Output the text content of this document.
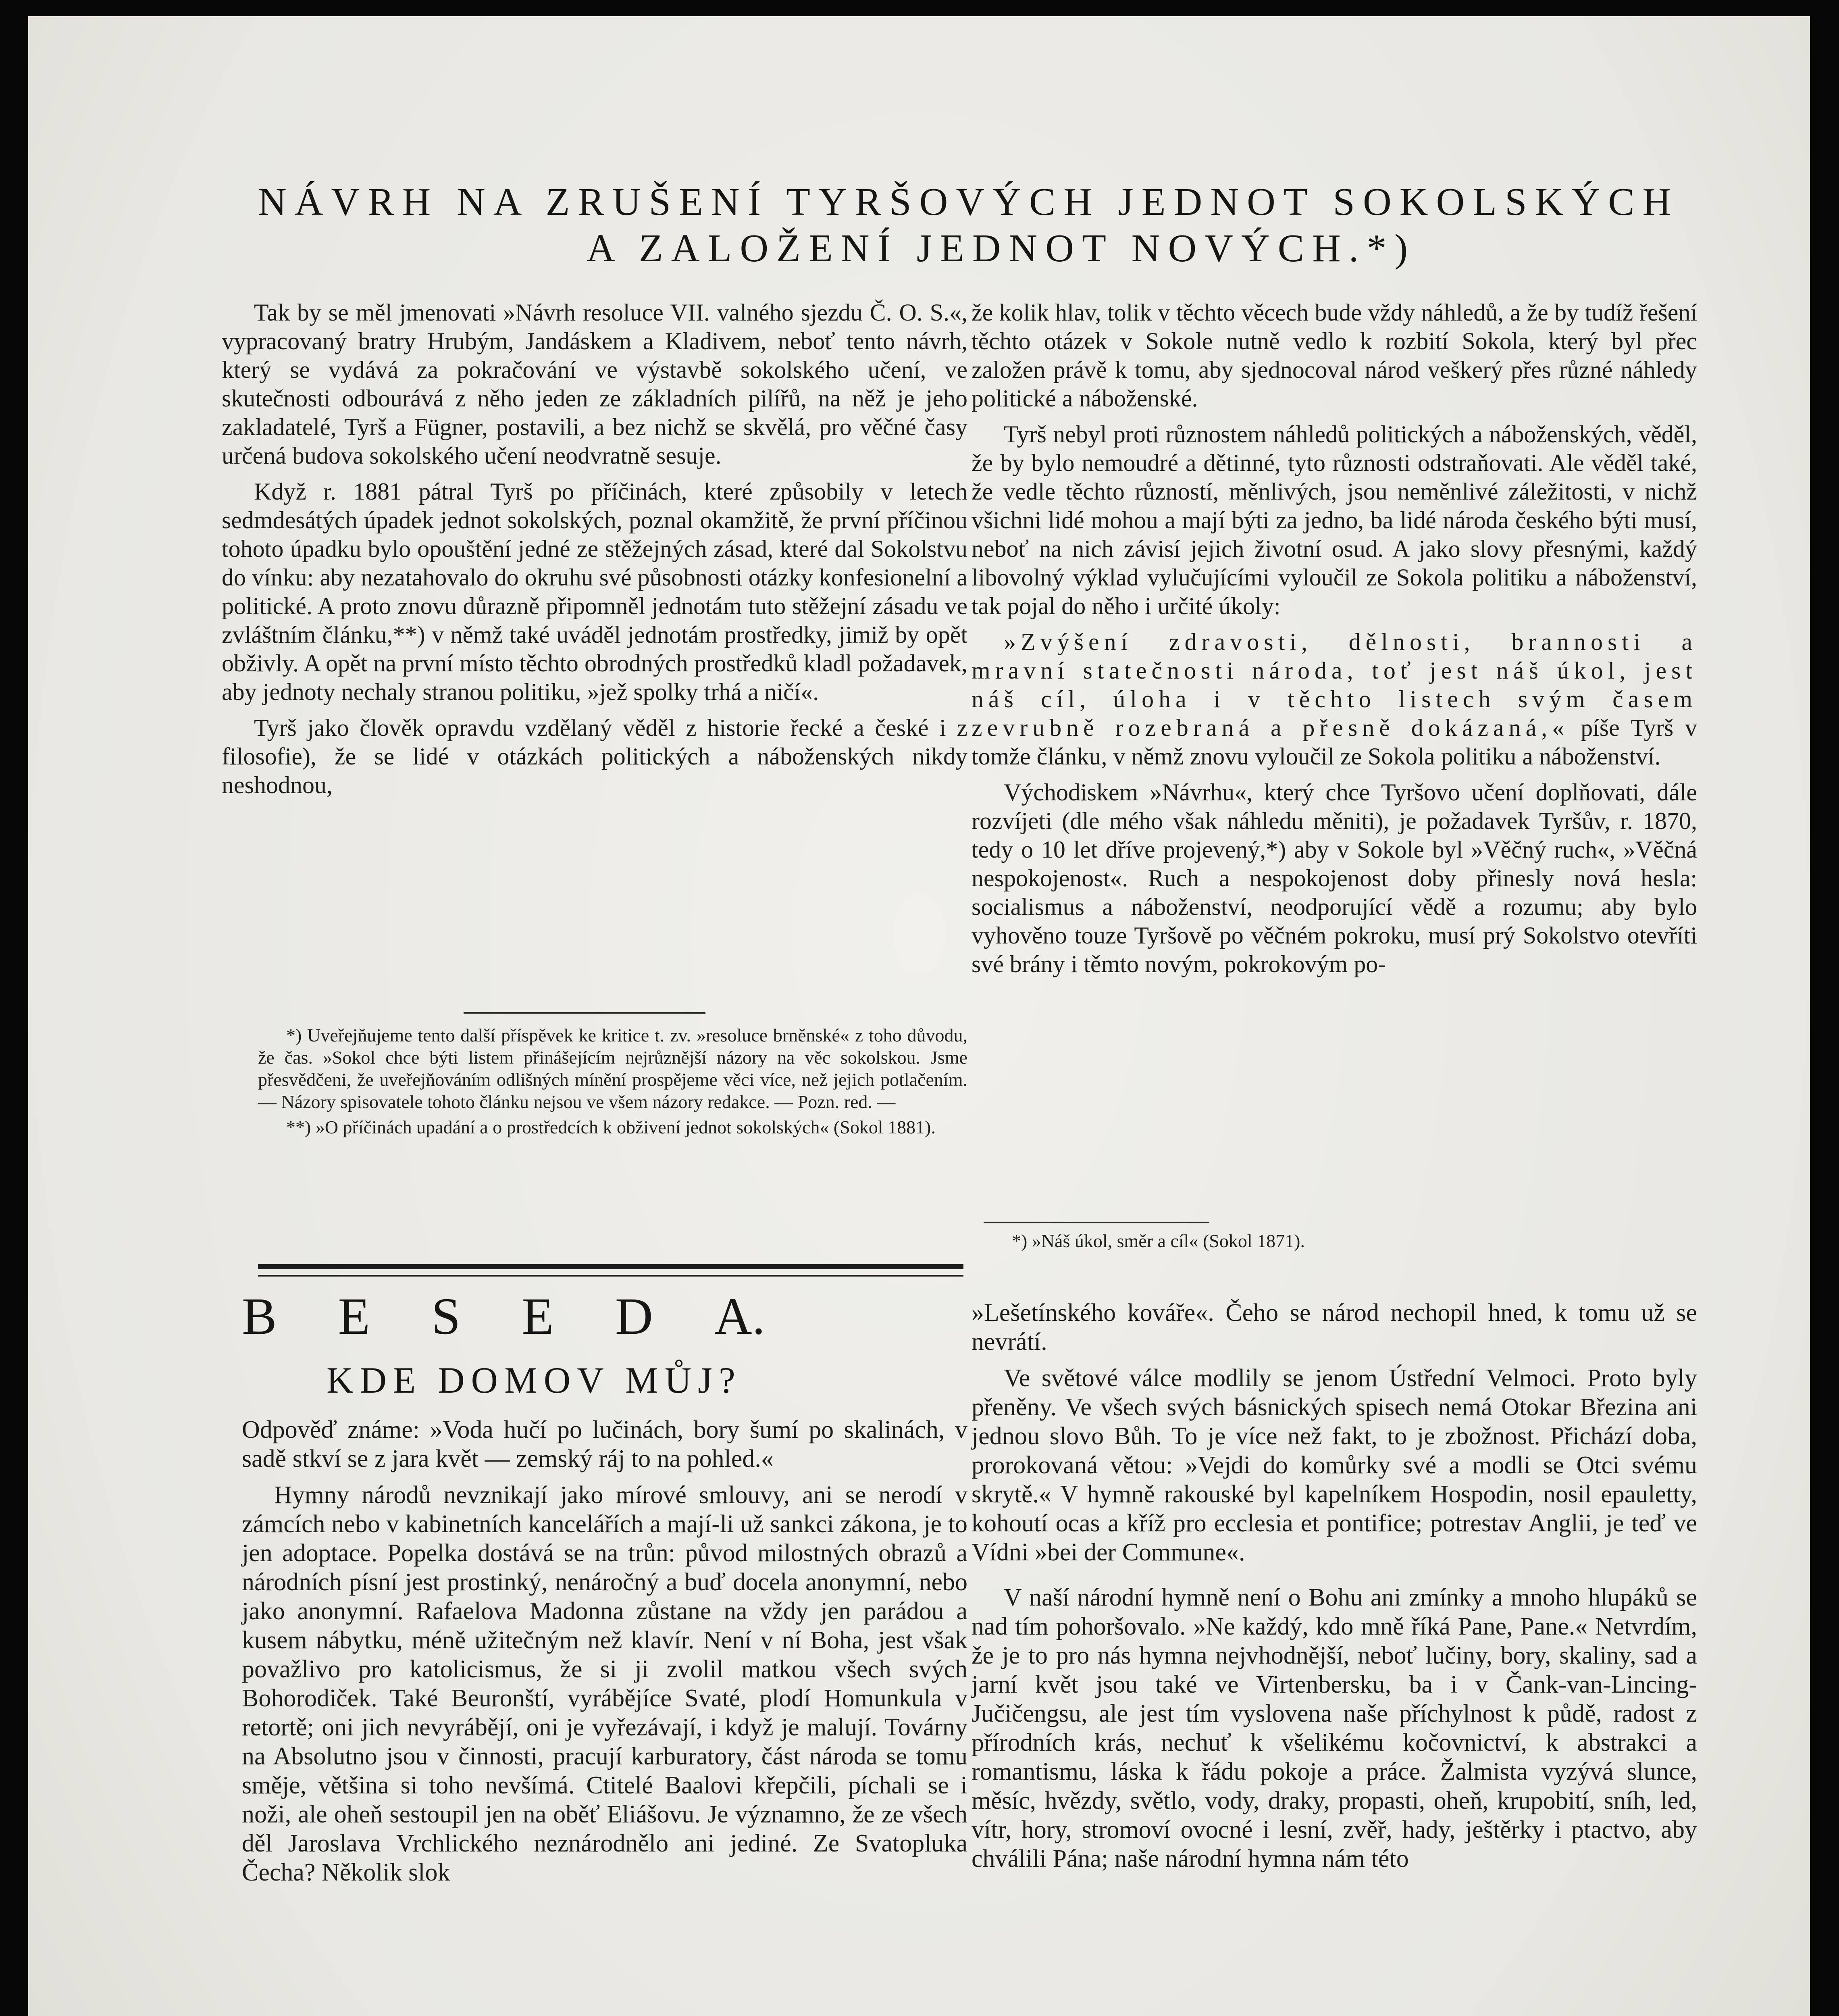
NÁVRH NA ZRUŠENÍ TYRŠOVÝCH JEDNOT SOKOLSKÝCH
A ZALOŽENÍ JEDNOT NOVÝCH.*)

Tak by se měl jmenovati »Návrh resoluce VII. valného sjezdu Č. O. S.«, vypracovaný bratry Hrubým, Jandáskem a Kladivem, neboť tento návrh, který se vydává za pokračování ve výstavbě sokolského učení, ve skutečnosti odbourává z něho jeden ze základních pilířů, na něž je jeho zakladatelé, Tyrš a Fügner, postavili, a bez nichž se skvělá, pro věčné časy určená budova sokolského učení neodvratně sesuje.

Když r. 1881 pátral Tyrš po příčinách, které způsobily v letech sedmdesátých úpadek jednot sokolských, poznal okamžitě, že první příčinou tohoto úpadku bylo opouštění jedné ze stěžejných zásad, které dal Sokolstvu do vínku: aby nezatahovalo do okruhu své působnosti otázky konfesionelní a politické. A proto znovu důrazně připomněl jednotám tuto stěžejní zásadu ve zvláštním článku,**) v němž také uváděl jednotám prostředky, jimiž by opět obživly. A opět na první místo těchto obrodných prostředků kladl požadavek, aby jednoty nechaly stranou politiku, »jež spolky trhá a ničí«.

Tyrš jako člověk opravdu vzdělaný věděl z historie řecké a české i z filosofie), že se lidé v otázkách politických a náboženských nikdy neshodnou,

*) Uveřejňujeme tento další příspěvek ke kritice t. zv. »resoluce brněnské« z toho důvodu, že čas. »Sokol chce býti listem přinášejícím nejrůznější názory na věc sokolskou. Jsme přesvědčeni, že uveřejňováním odlišných mínění prospějeme věci více, než jejich potlačením. — Názory spisovatele tohoto článku nejsou ve všem názory redakce. — Pozn. red. —

**) »O příčinách upadání a o prostředcích k obživení jednot sokolských« (Sokol 1881).

že kolik hlav, tolik v těchto věcech bude vždy náhledů, a že by tudíž řešení těchto otázek v Sokole nutně vedlo k rozbití Sokola, který byl přec založen právě k tomu, aby sjednocoval národ veškerý přes různé náhledy politické a náboženské.

Tyrš nebyl proti různostem náhledů politických a náboženských, věděl, že by bylo nemoudré a dětinné, tyto různosti odstraňovati. Ale věděl také, že vedle těchto růzností, měnlivých, jsou neměnlivé záležitosti, v nichž všichni lidé mohou a mají býti za jedno, ba lidé národa českého býti musí, neboť na nich závisí jejich životní osud. A jako slovy přesnými, každý libovolný výklad vylučujícími vyloučil ze Sokola politiku a náboženství, tak pojal do něho i určité úkoly:

»Zvýšení zdravosti, dělnosti, brannosti a mravní statečnosti národa, toť jest náš úkol, jest náš cíl, úloha i v těchto listech svým časem zevrubně rozebraná a přesně dokázaná,« píše Tyrš v tomže článku, v němž znovu vyloučil ze Sokola politiku a náboženství.

Východiskem »Návrhu«, který chce Tyršovo učení doplňovati, dále rozvíjeti (dle mého však náhledu měniti), je požadavek Tyršův, r. 1870, tedy o 10 let dříve projevený,*) aby v Sokole byl »Věčný ruch«, »Věčná nespokojenost«. Ruch a nespokojenost doby přinesly nová hesla: socialismus a náboženství, neodporující vědě a rozumu; aby bylo vyhověno touze Tyršově po věčném pokroku, musí prý Sokolstvo otevříti své brány i těmto novým, pokrokovým po-

*) »Náš úkol, směr a cíl« (Sokol 1871).

B E S E D A.
KDE DOMOV MŮJ?

Odpověď známe: »Voda hučí po lučinách, bory šumí po skalinách, v sadě stkví se z jara květ — zemský ráj to na pohled.«

Hymny národů nevznikají jako mírové smlouvy, ani se nerodí v zámcích nebo v kabinetních kancelářích a mají-li už sankci zákona, je to jen adoptace. Popelka dostává se na trůn: původ milostných obrazů a národních písní jest prostinký, nenáročný a buď docela anonymní, nebo jako anonymní. Rafaelova Madonna zůstane na vždy jen parádou a kusem nábytku, méně užitečným než klavír. Není v ní Boha, jest však považlivo pro katolicismus, že si ji zvolil matkou všech svých Bohorodiček. Také Beuronští, vyrábějíce Svaté, plodí Homunkula v retortě; oni jich nevyrábějí, oni je vyřezávají, i když je malují. Továrny na Absolutno jsou v činnosti, pracují karburatory, část národa se tomu směje, většina si toho nevšímá. Ctitelé Baalovi křepčili, píchali se i noži, ale oheň sestoupil jen na oběť Eliášovu. Je významno, že ze všech děl Jaroslava Vrchlického neznárodnělo ani jediné. Ze Svatopluka Čecha? Několik slok

»Lešetínského kováře«. Čeho se národ nechopil hned, k tomu už se nevrátí.

Ve světové válce modlily se jenom Ústřední Velmoci. Proto byly přeněny. Ve všech svých básnických spisech nemá Otokar Březina ani jednou slovo Bůh. To je více než fakt, to je zbožnost. Přichází doba, prorokovaná větou: »Vejdi do komůrky své a modli se Otci svému skrytě.« V hymně rakouské byl kapelníkem Hospodin, nosil epauletty, kohoutí ocas a kříž pro ecclesia et pontifice; potrestav Anglii, je teď ve Vídni »bei der Commune«.

V naší národní hymně není o Bohu ani zmínky a mnoho hlupáků se nad tím pohoršovalo. »Ne každý, kdo mně říká Pane, Pane.« Netvrdím, že je to pro nás hymna nejvhodnější, neboť lučiny, bory, skaliny, sad a jarní květ jsou také ve Virtenbersku, ba i v Čank-van-Lincing-Jučičengsu, ale jest tím vyslovena naše příchylnost k půdě, radost z přírodních krás, nechuť k všelikému kočovnictví, k abstrakci a romantismu, láska k řádu pokoje a práce. Žalmista vyzývá slunce, měsíc, hvězdy, světlo, vody, draky, propasti, oheň, krupobití, sníh, led, vítr, hory, stromoví ovocné i lesní, zvěř, hady, ještěrky i ptactvo, aby chválili Pána; naše národní hymna nám této
